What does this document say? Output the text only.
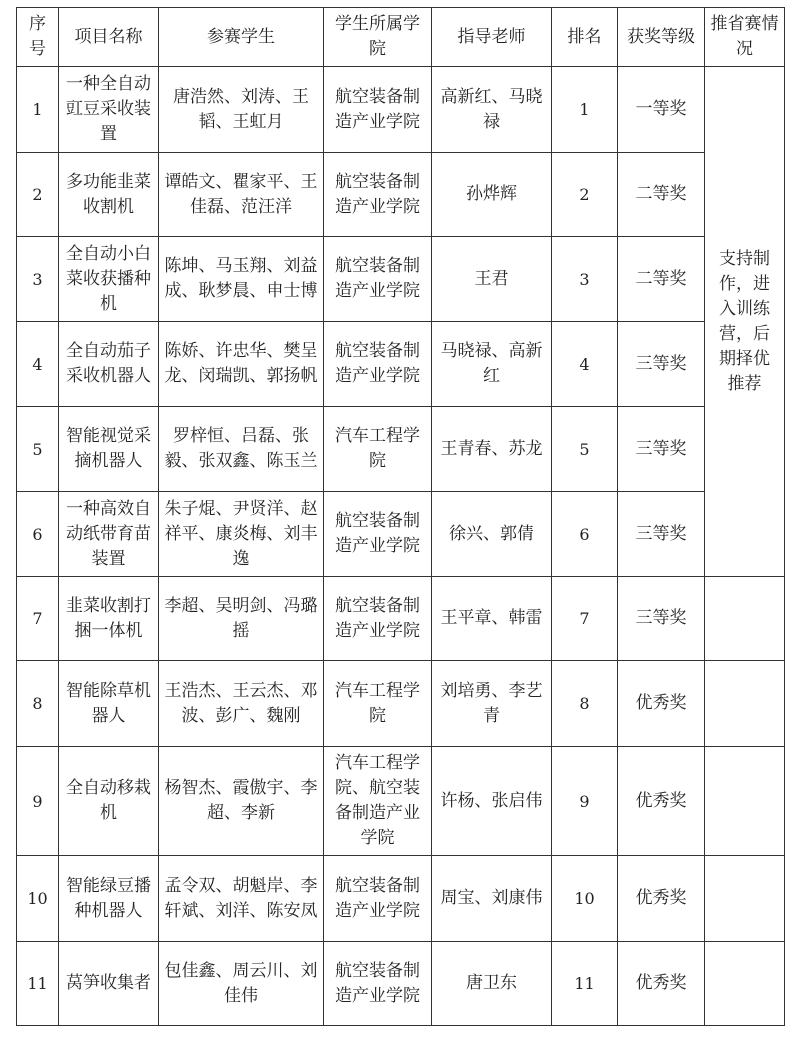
序号	项目名称	参赛学生	学生所属学院	指导老师	排名	获奖等级	推省赛情况
1	一种全自动豇豆采收装置	唐浩然、刘涛、王韬、王虹月	航空装备制造产业学院	高新红、马晓禄	1	一等奖	支持制作，进入训练营，后期择优推荐
2	多功能韭菜收割机	谭皓文、瞿家平、王佳磊、范汪洋	航空装备制造产业学院	孙烨辉	2	二等奖	
3	全自动小白菜收获播种机	陈坤、马玉翔、刘益成、耿梦晨、申士博	航空装备制造产业学院	王君	3	二等奖	
4	全自动茄子采收机器人	陈娇、许忠华、樊呈龙、闵瑞凯、郭扬帆	航空装备制造产业学院	马晓禄、高新红	4	三等奖	
5	智能视觉采摘机器人	罗梓恒、吕磊、张毅、张双鑫、陈玉兰	汽车工程学院	王青春、苏龙	5	三等奖	
6	一种高效自动纸带育苗装置	朱子焜、尹贤洋、赵祥平、康炎梅、刘丰逸	航空装备制造产业学院	徐兴、郭倩	6	三等奖	
7	韭菜收割打捆一体机	李超、吴明剑、冯璐摇	航空装备制造产业学院	王平章、韩雷	7	三等奖	
8	智能除草机器人	王浩杰、王云杰、邓波、彭广、魏刚	汽车工程学院	刘培勇、李艺青	8	优秀奖	
9	全自动移栽机	杨智杰、霞傲宇、李超、李新	汽车工程学院、航空装备制造产业学院	许杨、张启伟	9	优秀奖	
10	智能绿豆播种机器人	孟令双、胡魁岸、李轩斌、刘洋、陈安凤	航空装备制造产业学院	周宝、刘康伟	10	优秀奖	
11	莴笋收集者	包佳鑫、周云川、刘佳伟	航空装备制造产业学院	唐卫东	11	优秀奖	
